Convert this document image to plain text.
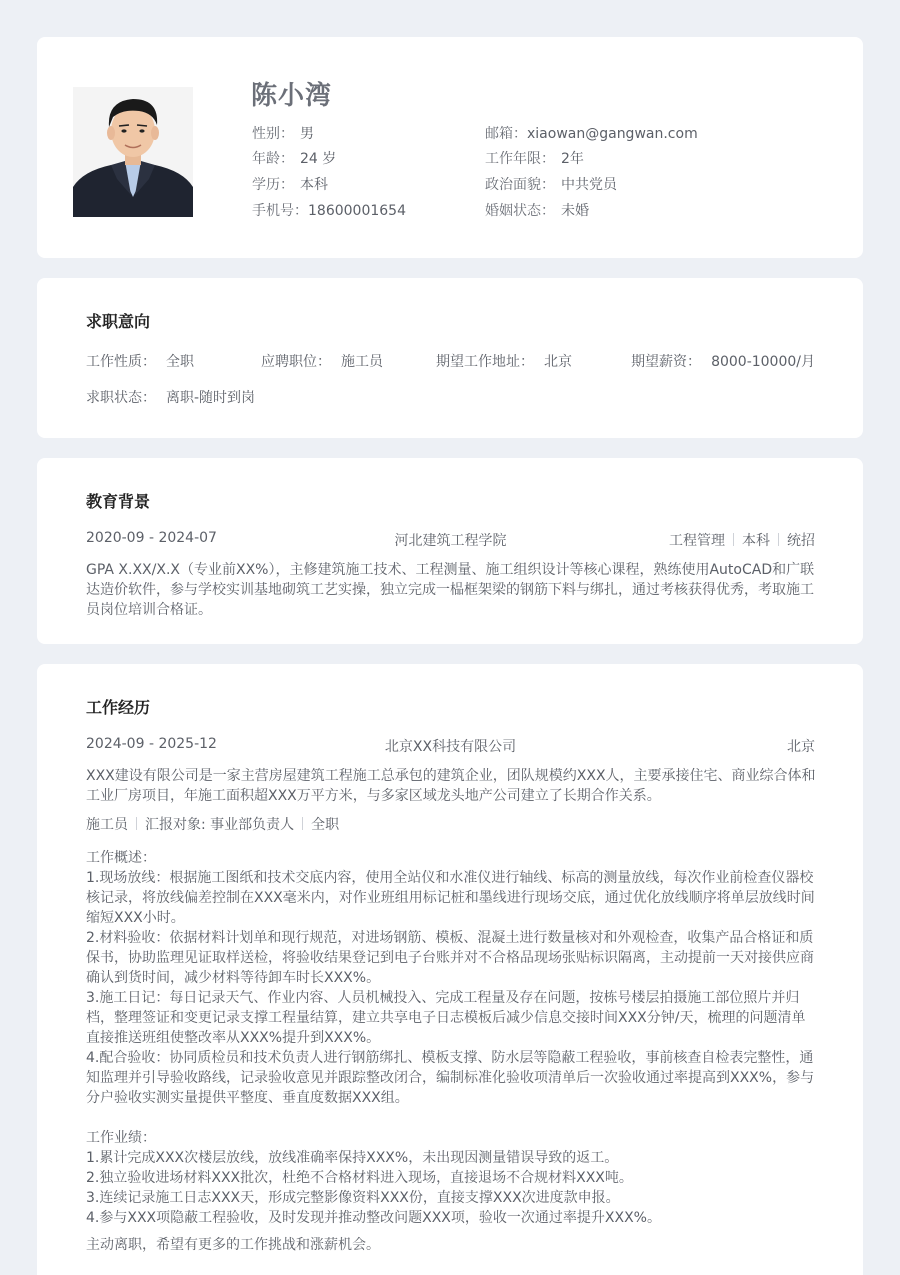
陈小湾
性别： 男
年龄： 24 岁
学历： 本科
手机号：18600001654
邮箱：xiaowan@gangwan.com
工作年限： 2年
政治面貌： 中共党员
婚姻状态： 未婚
求职意向
工作性质： 全职	应聘职位： 施工员	期望工作地址： 北京	期望薪资： 8000-10000/月
求职状态： 离职-随时到岗
教育背景
2020-09 - 2024-07	河北建筑工程学院	工程管理 本科 统招
GPA X.XX/X.X（专业前XX%），主修建筑施工技术、工程测量、施工组织设计等核心课程，熟练使用AutoCAD和广联
达造价软件，参与学校实训基地砌筑工艺实操，独立完成一榀框架梁的钢筋下料与绑扎，通过考核获得优秀，考取施工
员岗位培训合格证。
工作经历
2024-09 - 2025-12	北京XX科技有限公司	北京
XXX建设有限公司是一家主营房屋建筑工程施工总承包的建筑企业，团队规模约XXX人，主要承接住宅、商业综合体和
工业厂房项目，年施工面积超XXX万平方米，与多家区域龙头地产公司建立了长期合作关系。
施工员 汇报对象: 事业部负责人 全职
工作概述：
1.现场放线：根据施工图纸和技术交底内容，使用全站仪和水准仪进行轴线、标高的测量放线，每次作业前检查仪器校
核记录，将放线偏差控制在XXX毫米内，对作业班组用标记桩和墨线进行现场交底，通过优化放线顺序将单层放线时间
缩短XXX小时。
2.材料验收：依据材料计划单和现行规范，对进场钢筋、模板、混凝土进行数量核对和外观检查，收集产品合格证和质
保书，协助监理见证取样送检，将验收结果登记到电子台账并对不合格品现场张贴标识隔离，主动提前一天对接供应商
确认到货时间，减少材料等待卸车时长XXX%。
3.施工日记：每日记录天气、作业内容、人员机械投入、完成工程量及存在问题，按栋号楼层拍摄施工部位照片并归
档，整理签证和变更记录支撑工程量结算，建立共享电子日志模板后减少信息交接时间XXX分钟/天，梳理的问题清单
直接推送班组使整改率从XXX%提升到XXX%。
4.配合验收：协同质检员和技术负责人进行钢筋绑扎、模板支撑、防水层等隐蔽工程验收，事前核查自检表完整性，通
知监理并引导验收路线，记录验收意见并跟踪整改闭合，编制标准化验收项清单后一次验收通过率提高到XXX%，参与
分户验收实测实量提供平整度、垂直度数据XXX组。
工作业绩：
1.累计完成XXX次楼层放线，放线准确率保持XXX%，未出现因测量错误导致的返工。
2.独立验收进场材料XXX批次，杜绝不合格材料进入现场，直接退场不合规材料XXX吨。
3.连续记录施工日志XXX天，形成完整影像资料XXX份，直接支撑XXX次进度款申报。
4.参与XXX项隐蔽工程验收，及时发现并推动整改问题XXX项，验收一次通过率提升XXX%。
主动离职，希望有更多的工作挑战和涨薪机会。
